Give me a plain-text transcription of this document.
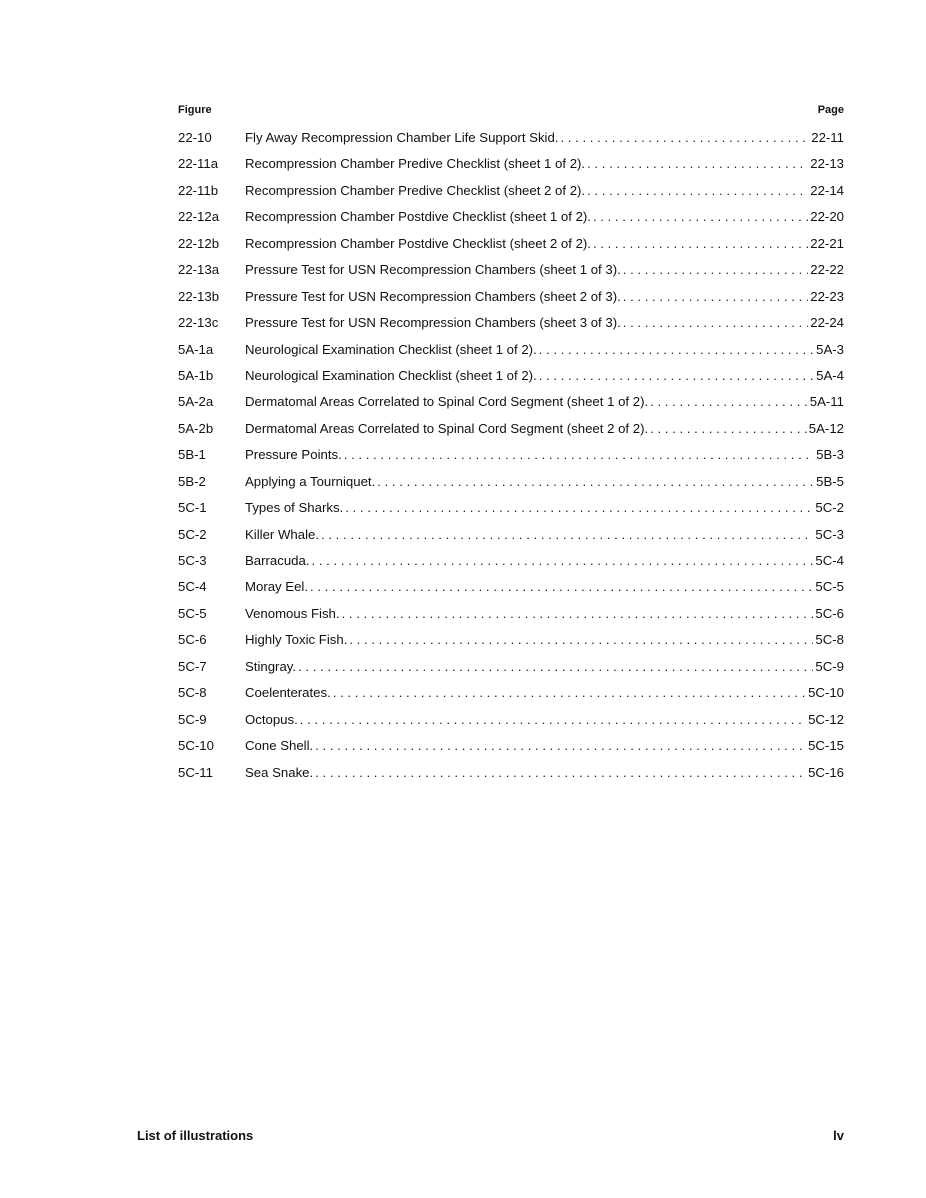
Figure	Page
22-10	Fly Away Recompression Chamber Life Support Skid. . . .	22-11
22-11a	Recompression Chamber Predive Checklist (sheet 1 of 2). . . .	22-13
22-11b	Recompression Chamber Predive Checklist (sheet 2 of 2). . . .	22-14
22-12a	Recompression Chamber Postdive Checklist (sheet 1 of 2). . . .	22-20
22-12b	Recompression Chamber Postdive Checklist (sheet 2 of 2). . . .	22-21
22-13a	Pressure Test for USN Recompression Chambers (sheet 1 of 3). . . .	22-22
22-13b	Pressure Test for USN Recompression Chambers (sheet 2 of 3). . . .	22-23
22-13c	Pressure Test for USN Recompression Chambers (sheet 3 of 3). . . .	22-24
5A-1a	Neurological Examination Checklist (sheet 1 of 2). . . .	5A-3
5A-1b	Neurological Examination Checklist (sheet 1 of 2). . . .	5A-4
5A-2a	Dermatomal Areas Correlated to Spinal Cord Segment (sheet 1 of 2). . . .	5A-11
5A-2b	Dermatomal Areas Correlated to Spinal Cord Segment (sheet 2 of 2). . . .	5A-12
5B-1	Pressure Points. . . .	5B-3
5B-2	Applying a Tourniquet. . . .	5B-5
5C-1	Types of Sharks. . . .	5C-2
5C-2	Killer Whale. . . .	5C-3
5C-3	Barracuda. . . .	5C-4
5C-4	Moray Eel. . . .	5C-5
5C-5	Venomous Fish. . . .	5C-6
5C-6	Highly Toxic Fish. . . .	5C-8
5C-7	Stingray. . . .	5C-9
5C-8	Coelenterates. . . .	5C-10
5C-9	Octopus. . . .	5C-12
5C-10	Cone Shell. . . .	5C-15
5C-11	Sea Snake. . . .	5C-16
List of illustrations	lv
